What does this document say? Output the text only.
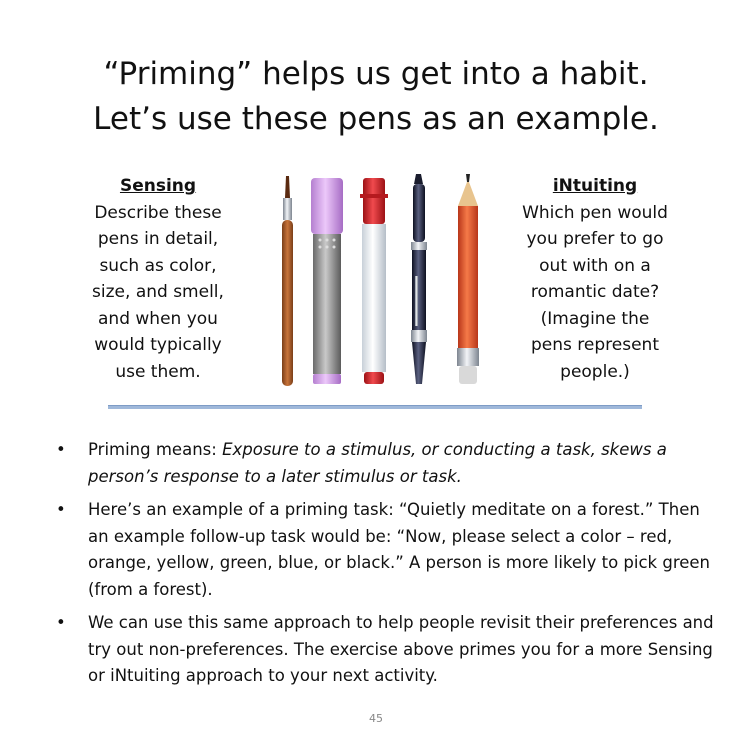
“Priming” helps us get into a habit.
Let’s use these pens as an example.
Sensing
Describe these
pens in detail,
such as color,
size, and smell,
and when you
would typically
use them.
iNtuiting
Which pen would
you prefer to go
out with on a
romantic date?
(Imagine the
pens represent
people.)
• Priming means: Exposure to a stimulus, or conducting a task, skews a person’s response to a later stimulus or task.
• Here’s an example of a priming task: “Quietly meditate on a forest.” Then an example follow-up task would be: “Now, please select a color – red, orange, yellow, green, blue, or black.” A person is more likely to pick green (from a forest).
• We can use this same approach to help people revisit their preferences and try out non-preferences. The exercise above primes you for a more Sensing or iNtuiting approach to your next activity.
45
